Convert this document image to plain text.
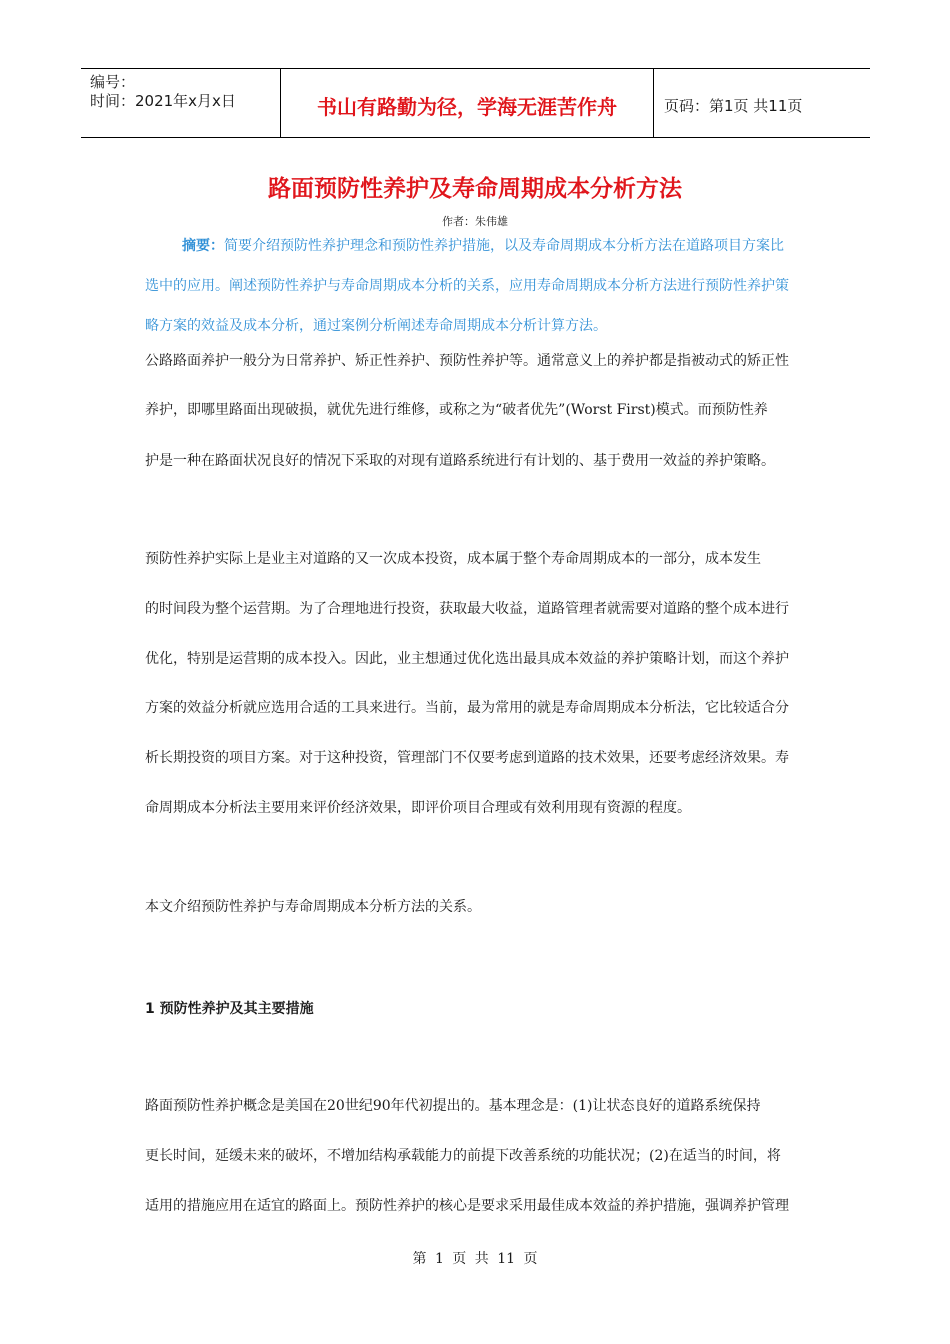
编号：
时间：2021年x月x日	书山有路勤为径，学海无涯苦作舟	页码：第1页 共11页
路面预防性养护及寿命周期成本分析方法
作者：朱伟雄
摘要：简要介绍预防性养护理念和预防性养护措施，以及寿命周期成本分析方法在道路项目方案比
选中的应用。阐述预防性养护与寿命周期成本分析的关系，应用寿命周期成本分析方法进行预防性养护策
略方案的效益及成本分析，通过案例分析阐述寿命周期成本分析计算方法。
公路路面养护一般分为日常养护、矫正性养护、预防性养护等。通常意义上的养护都是指被动式的矫正性
养护，即哪里路面出现破损，就优先进行维修，或称之为“破者优先”(Worst First)模式。而预防性养
护是一种在路面状况良好的情况下采取的对现有道路系统进行有计划的、基于费用一效益的养护策略。
预防性养护实际上是业主对道路的又一次成本投资，成本属于整个寿命周期成本的一部分，成本发生
的时间段为整个运营期。为了合理地进行投资，获取最大收益，道路管理者就需要对道路的整个成本进行
优化，特别是运营期的成本投入。因此，业主想通过优化选出最具成本效益的养护策略计划，而这个养护
方案的效益分析就应选用合适的工具来进行。当前，最为常用的就是寿命周期成本分析法，它比较适合分
析长期投资的项目方案。对于这种投资，管理部门不仅要考虑到道路的技术效果，还要考虑经济效果。寿
命周期成本分析法主要用来评价经济效果，即评价项目合理或有效利用现有资源的程度。
本文介绍预防性养护与寿命周期成本分析方法的关系。
1 预防性养护及其主要措施
路面预防性养护概念是美国在20世纪90年代初提出的。基本理念是：(1)让状态良好的道路系统保持
更长时间，延缓未来的破坏，不增加结构承载能力的前提下改善系统的功能状况；(2)在适当的时间，将
适用的措施应用在适宜的路面上。预防性养护的核心是要求采用最佳成本效益的养护措施，强调养护管理
第 1 页 共 11 页
